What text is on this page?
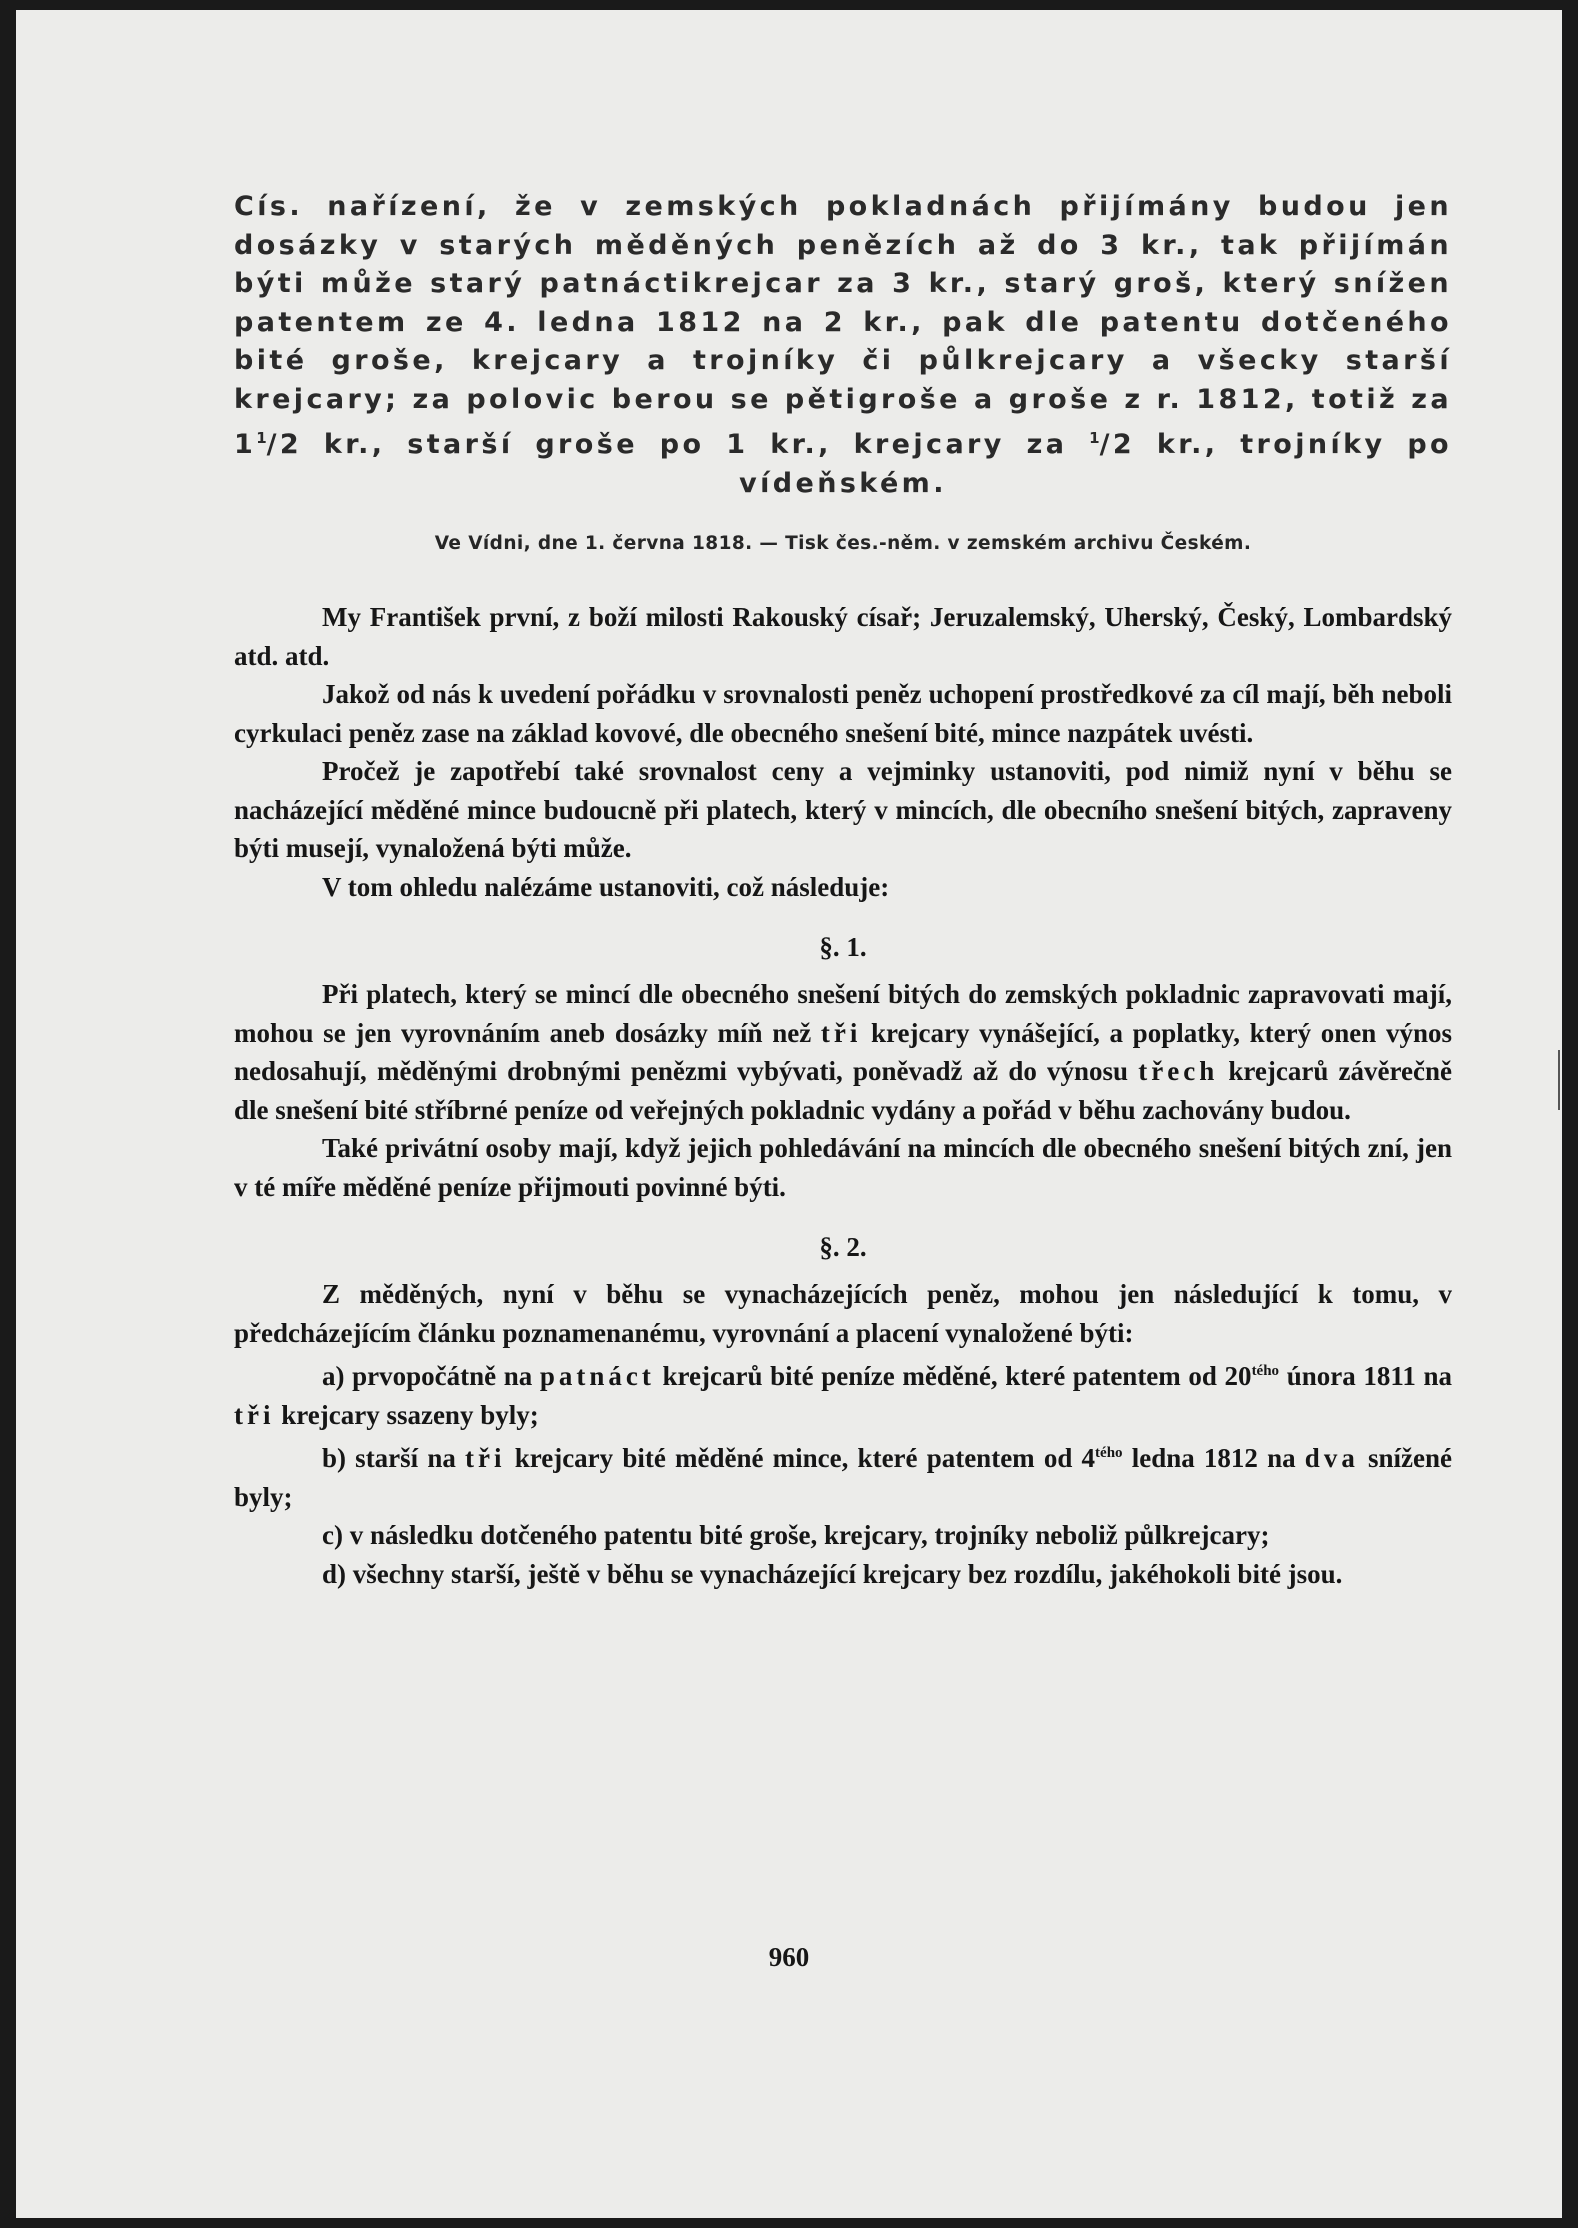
Cís. nařízení, že v zemských pokladnách přijímány budou jen dosázky v starých měděných penězích až do 3 kr., tak přijímán býti může starý patnáctikrejcar za 3 kr., starý groš, který snížen patentem ze 4. ledna 1812 na 2 kr., pak dle patentu dotčeného bité groše, krejcary a trojníky či půlkrejcary a všecky starší krejcary; za polovic berou se pětigroše a groše z r. 1812, totiž za $1^1/2$ kr., starší groše po 1 kr., krejcary za $^1$/2 kr., trojníky po vídeňském.

Ve Vídni, dne 1. června 1818. — Tisk čes.-něm. v zemském archivu Českém.

My František první, z boží milosti Rakouský císař; Jeruzalemský, Uherský, Český, Lombardský atd. atd.

Jakož od nás k uvedení pořádku v srovnalosti peněz uchopení prostředkové za cíl mají, běh neboli cyrkulaci peněz zase na základ kovové, dle obecného snešení bité, mince nazpátek uvésti.

Pročež je zapotřebí také srovnalost ceny a vejminky ustanoviti, pod nimiž nyní v běhu se nacházející měděné mince budoucně při platech, který v mincích, dle obecního snešení bitých, zapraveny býti musejí, vynaložená býti může.

V tom ohledu nalézáme ustanoviti, což následuje:

§. 1.

Při platech, který se mincí dle obecného snešení bitých do zemských pokladnic zapravovati mají, mohou se jen vyrovnáním aneb dosázky míň než tři krejcary vynášející, a poplatky, který onen výnos nedosahují, měděnými drobnými penězmi vybývati, poněvadž až do výnosu třech krejcarů závěrečně dle snešení bité stříbrné peníze od veřejných pokladnic vydány a pořád v běhu zachovány budou.

Také privátní osoby mají, když jejich pohledávání na mincích dle obecného snešení bitých zní, jen v té míře měděné peníze přijmouti povinné býti.

§. 2.

Z měděných, nyní v běhu se vynacházejících peněz, mohou jen následující k tomu, v předcházejícím článku poznamenanému, vyrovnání a placení vynaložené býti:

a) prvopočátně na patnáct krejcarů bité peníze měděné, které patentem od $20^{tého}$ února 1811 na tři krejcary ssazeny byly;

b) starší na tři krejcary bité měděné mince, které patentem od $4^{tého}$ ledna 1812 na dva snížené byly;

c) v následku dotčeného patentu bité groše, krejcary, trojníky neboliž půlkrejcary;

d) všechny starší, ještě v běhu se vynacházející krejcary bez rozdílu, jakéhokoli bité jsou.

960
